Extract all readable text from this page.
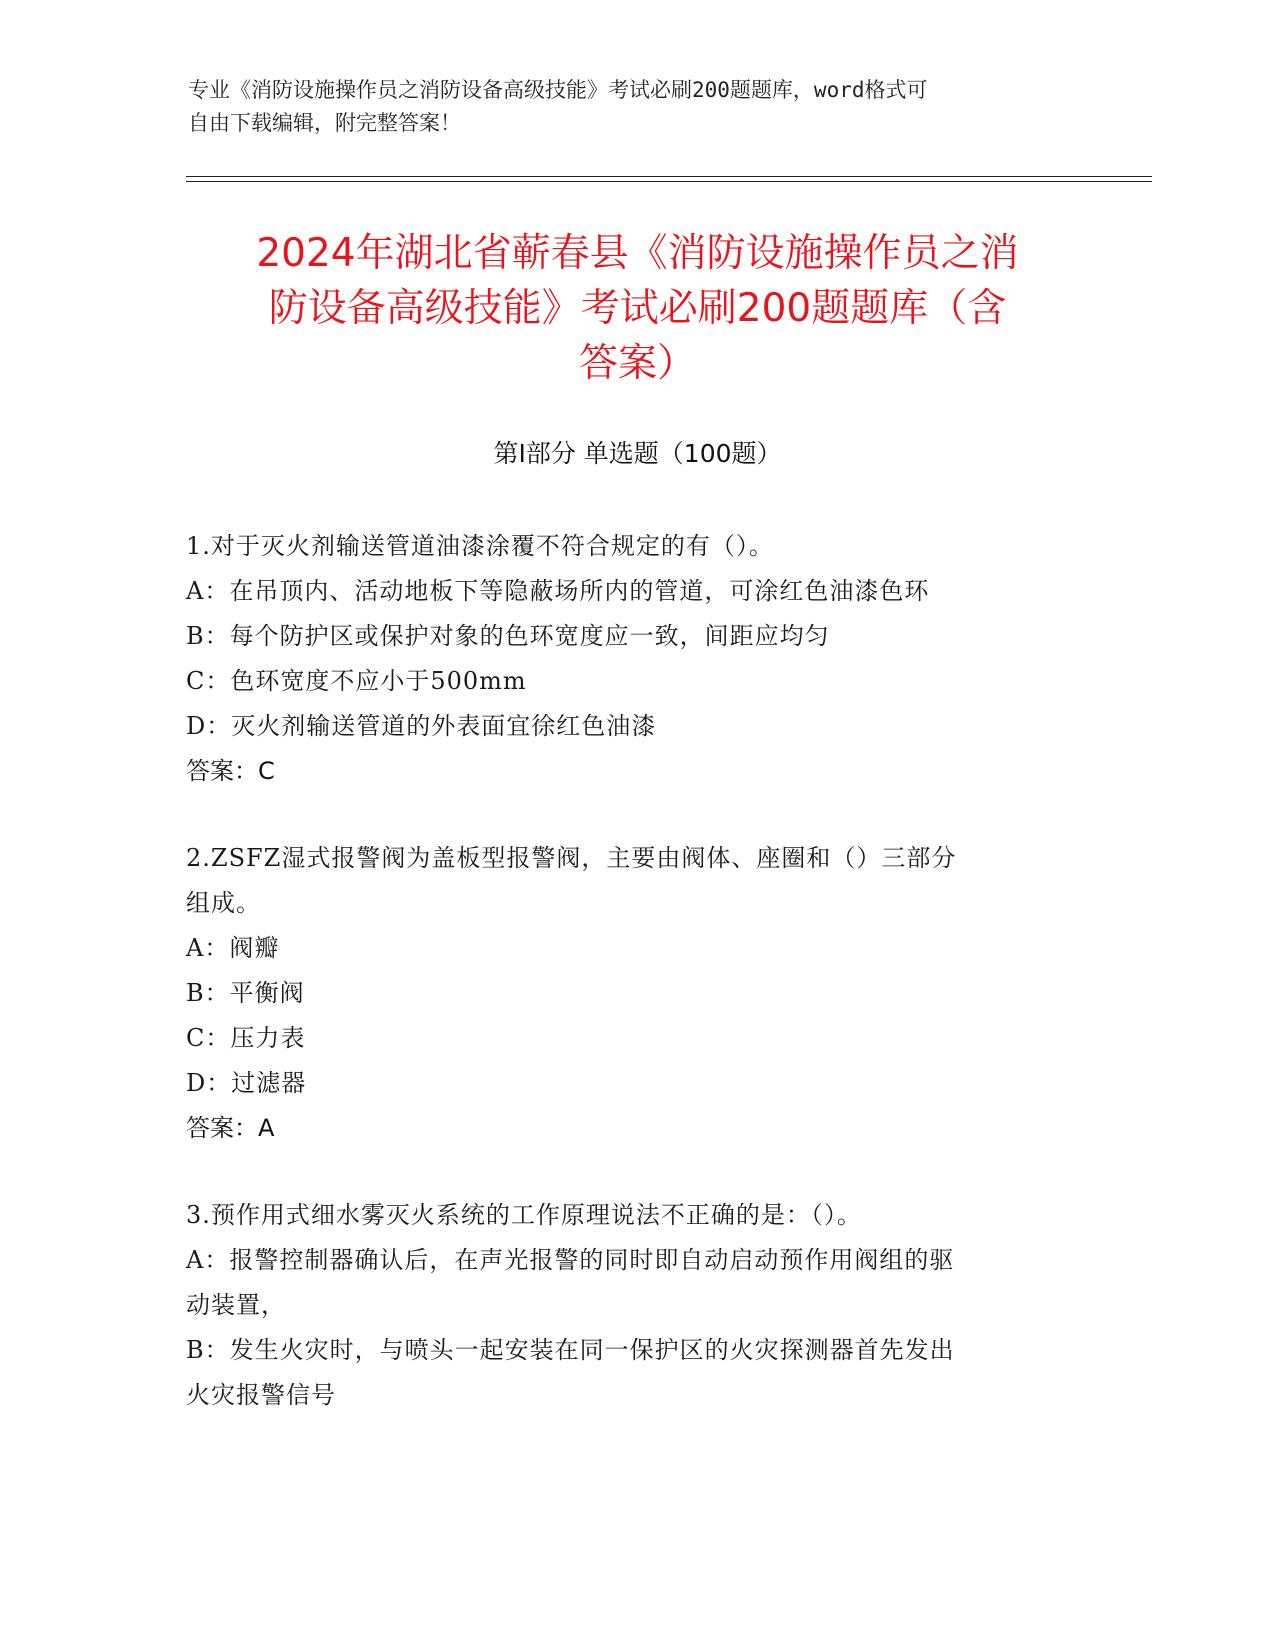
专业《消防设施操作员之消防设备高级技能》考试必刷200题题库，word格式可
自由下载编辑，附完整答案！
2024年湖北省蕲春县《消防设施操作员之消
防设备高级技能》考试必刷200题题库（含
答案）
第Ⅰ部分 单选题（100题）
1.对于灭火剂输送管道油漆涂覆不符合规定的有（）。
A：在吊顶内、活动地板下等隐蔽场所内的管道，可涂红色油漆色环
B：每个防护区或保护对象的色环宽度应一致，间距应均匀
C：色环宽度不应小于500mm
D：灭火剂输送管道的外表面宜徐红色油漆
答案：C
2.ZSFZ湿式报警阀为盖板型报警阀，主要由阀体、座圈和（）三部分
组成。
A：阀瓣
B：平衡阀
C：压力表
D：过滤器
答案：A
3.预作用式细水雾灭火系统的工作原理说法不正确的是：（）。
A：报警控制器确认后，在声光报警的同时即自动启动预作用阀组的驱
动装置，
B：发生火灾时，与喷头一起安装在同一保护区的火灾探测器首先发出
火灾报警信号
